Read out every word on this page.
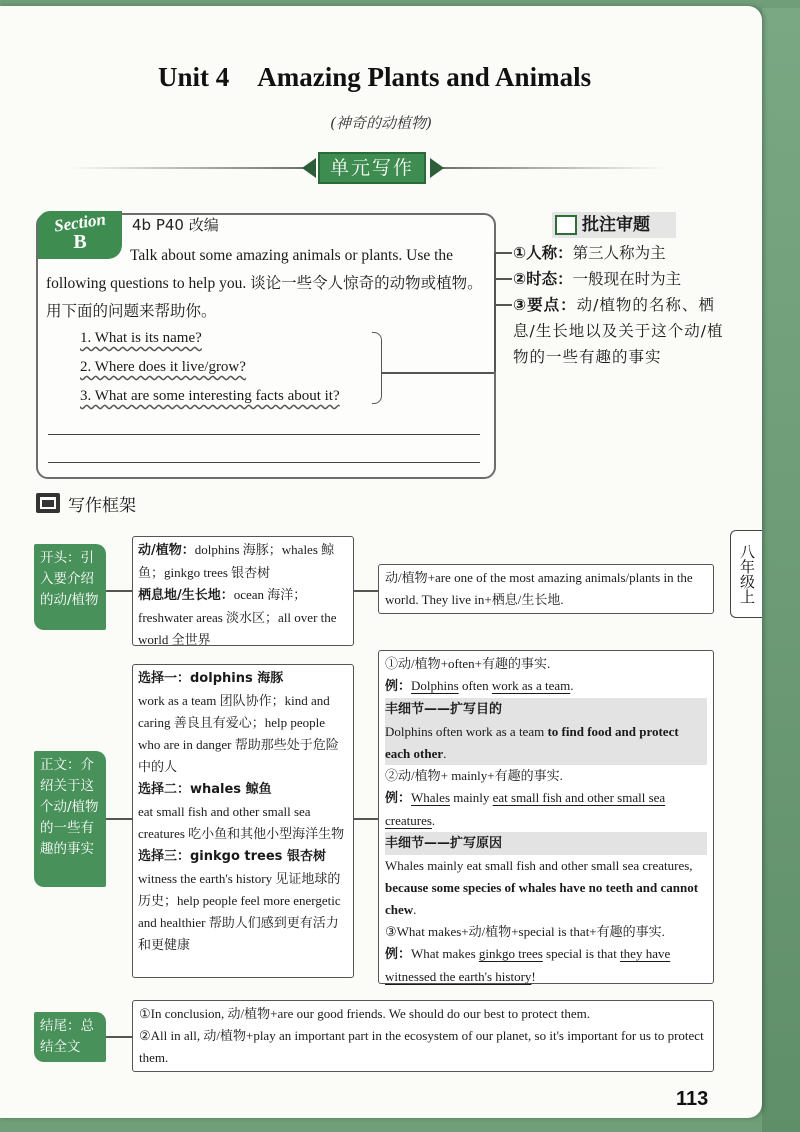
Unit 4 Amazing Plants and Animals
(神奇的动植物)
单元写作
Section
B
4b P40 改编
Talk about some amazing animals or plants. Use the following questions to help you. 谈论一些令人惊奇的动物或植物。用下面的问题来帮助你。
1. What is its name?
2. Where does it live/grow?
3. What are some interesting facts about it?
批注审题
①人称：第三人称为主
②时态：一般现在时为主
③要点：动/植物的名称、栖息/生长地以及关于这个动/植物的一些有趣的事实
写作框架
开头：引入要介绍的动/植物
动/植物：dolphins 海豚；whales 鲸鱼；ginkgo trees 银杏树
栖息地/生长地：ocean 海洋；freshwater areas 淡水区；all over the world 全世界
动/植物+are one of the most amazing animals/plants in the world. They live in+栖息/生长地.
正文：介绍关于这个动/植物的一些有趣的事实
选择一：dolphins 海豚
work as a team 团队协作；kind and caring 善良且有爱心；help people who are in danger 帮助那些处于危险中的人
选择二：whales 鲸鱼
eat small fish and other small sea creatures 吃小鱼和其他小型海洋生物
选择三：ginkgo trees 银杏树
witness the earth's history 见证地球的历史；help people feel more energetic and healthier 帮助人们感到更有活力和更健康
①动/植物+often+有趣的事实.
例：Dolphins often work as a team.
丰细节——扩写目的
Dolphins often work as a team to find food and protect each other.
②动/植物+ mainly+有趣的事实.
例：Whales mainly eat small fish and other small sea creatures.
丰细节——扩写原因
Whales mainly eat small fish and other small sea creatures, because some species of whales have no teeth and cannot chew.
③What makes+动/植物+special is that+有趣的事实.
例：What makes ginkgo trees special is that they have witnessed the earth's history!
结尾：总结全文
①In conclusion, 动/植物+are our good friends. We should do our best to protect them.
②All in all, 动/植物+play an important part in the ecosystem of our planet, so it's important for us to protect them.
八年级上
113
